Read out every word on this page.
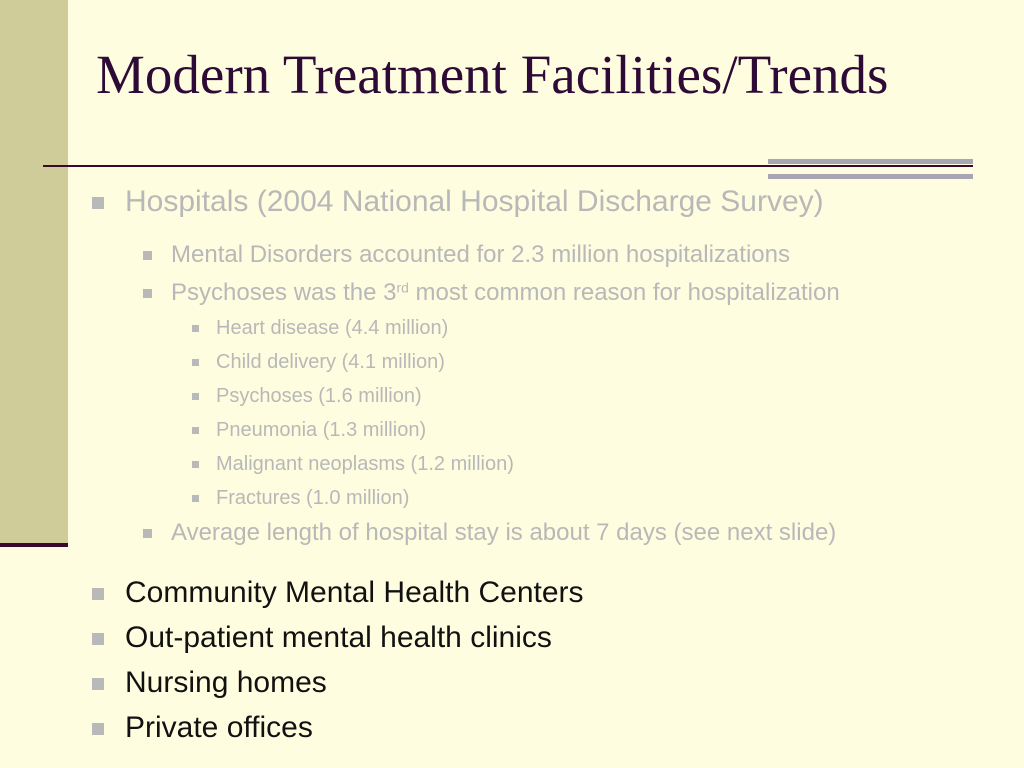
Modern Treatment Facilities/Trends
Hospitals (2004 National Hospital Discharge Survey)
Mental Disorders accounted for 2.3 million hospitalizations
Psychoses was the 3rd most common reason for hospitalization
Heart disease (4.4 million)
Child delivery (4.1 million)
Psychoses (1.6 million)
Pneumonia (1.3 million)
Malignant neoplasms (1.2 million)
Fractures (1.0 million)
Average length of hospital stay is about 7 days (see next slide)
Community Mental Health Centers
Out-patient mental health clinics
Nursing homes
Private offices
